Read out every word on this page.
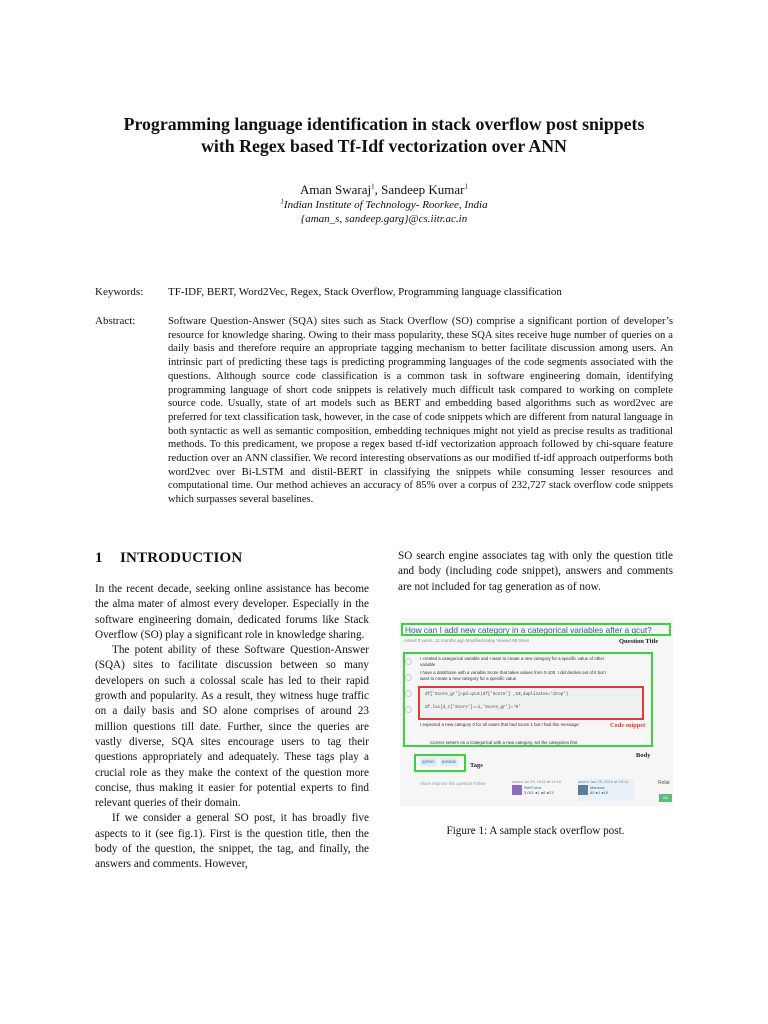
Programming language identification in stack overflow post snippets
with Regex based Tf-Idf vectorization over ANN
Aman Swaraj$^1$, Sandeep Kumar$^1$
$^1$Indian Institute of Technology- Roorkee, India
{aman_s, sandeep.garg}@cs.iitr.ac.in
Keywords: TF-IDF, BERT, Word2Vec, Regex, Stack Overflow, Programming language classification
Abstract:	Software Question-Answer (SQA) sites such as Stack Overflow (SO) comprise a significant portion of developer’s resource for knowledge sharing. Owing to their mass popularity, these SQA sites receive huge number of queries on a daily basis and therefore require an appropriate tagging mechanism to better facilitate discussion among users. An intrinsic part of predicting these tags is predicting programming languages of the code segments associated with the questions. Although source code classification is a common task in software engineering domain, identifying programming language of short code snippets is relatively much difficult task compared to working on complete source code. Usually, state of art models such as BERT and embedding based algorithms such as word2vec are preferred for text classification task, however, in the case of code snippets which are different from natural language in both syntactic as well as semantic composition, embedding techniques might not yield as precise results as traditional methods. To this predicament, we propose a regex based tf-idf vectorization approach followed by chi-square feature reduction over an ANN classifier. We record interesting observations as our modified tf-idf approach outperforms both word2vec over Bi-LSTM and distil-BERT in classifying the snippets while consuming lesser resources and computational time. Our method achieves an accuracy of 85% over a corpus of 232,727 stack overflow code snippets which surpasses several baselines.

1 INTRODUCTION

In the recent decade, seeking online assistance has become the alma mater of almost every developer. Especially in the software engineering domain, dedicated forums like Stack Overflow (SO) play a significant role in knowledge sharing.

The potent ability of these Software Question-Answer (SQA) sites to facilitate discussion between so many developers on such a colossal scale has led to their rapid growth and popularity. As a result, they witness huge traffic on a daily basis and SO alone comprises of around 23 million questions till date. Further, since the queries are vastly diverse, SQA sites encourage users to tag their questions appropriately and adequately. These tags play a crucial role as they make the context of the question more concise, thus making it easier for potential experts to find relevant queries of their domain.

If we consider a general SO post, it has broadly five aspects to it (see fig.1). First is the question title, then the body of the question, the snippet, the tag, and finally, the answers and comments. However,

SO search engine associates tag with only the question title and body (including code snippet), answers and comments are not included for tag generation as of now.

How can I add new category in a categorical variables after a qcut?
Asked 3 years, 11 months ago Modified today Viewed 98 times	Question Title
I created a categorical variable and I want to create a new category for a specific value of other
variable
I have a dataframe with a variable Score that takes values from 0-100. I did deciles out of it but I
want to create a new category for a specific value
df['Score_gr']=pd.qcut(df['Score'] ,10,duplicates='drop')
df.loc[d_c['Score']==1,'Score_gr']='0'
I expected a new category 0 for all cases that had Score 1 but I had this message:	Code snippet
Correct settern on a Categorical with a new category, set the categories first
Body
python	pandas
Tags
Share Improve this question Follow	asked Jul 29, 2019 at 14:10
RAFCrios
3,001 ●1 ●8 ●23
asked Jan 29, 2019 at 15:10
Mamma
89 ●1 ●10
Relat
Go
Figure 1: A sample stack overflow post.
